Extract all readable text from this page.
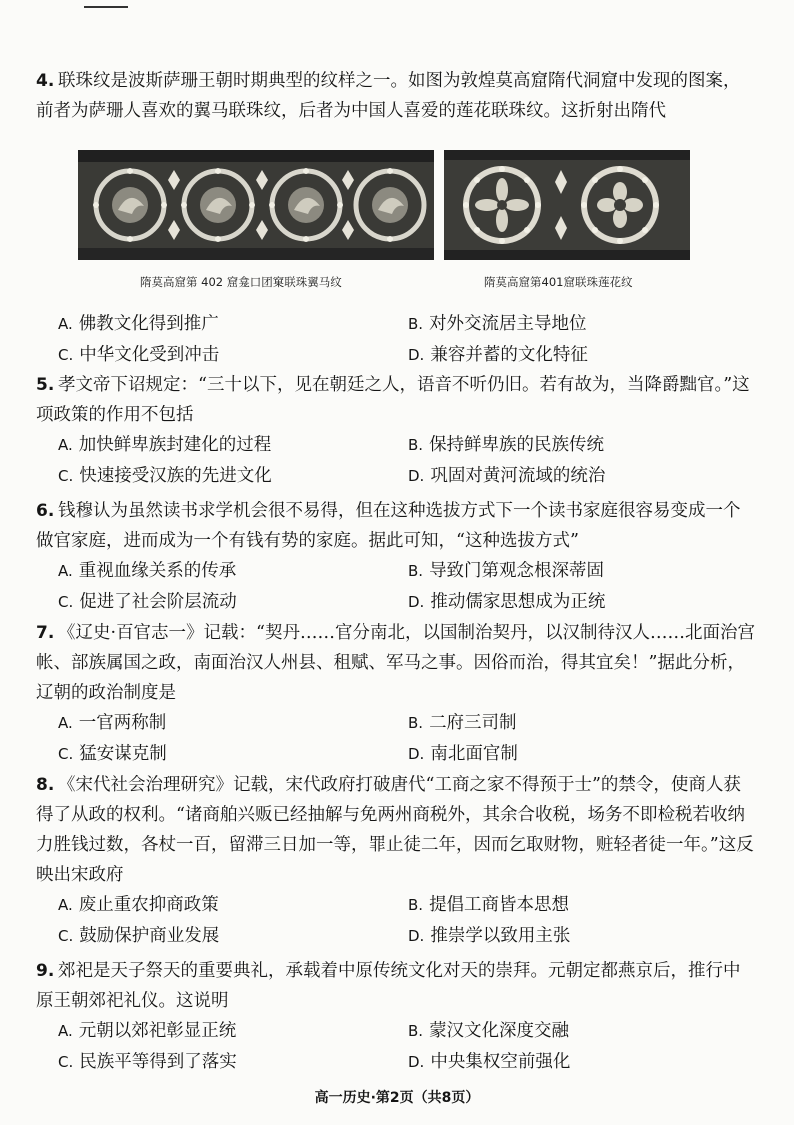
4. 联珠纹是波斯萨珊王朝时期典型的纹样之一。如图为敦煌莫高窟隋代洞窟中发现的图案，前者为萨珊人喜欢的翼马联珠纹，后者为中国人喜爱的莲花联珠纹。这折射出隋代

隋莫高窟第 402 窟龛口团窠联珠翼马纹	隋莫高窟第401窟联珠莲花纹
A. 佛教文化得到推广	B. 对外交流居主导地位
C. 中华文化受到冲击	D. 兼容并蓄的文化特征

5. 孝文帝下诏规定：“三十以下，见在朝廷之人，语音不听仍旧。若有故为，当降爵黜官。”这项政策的作用不包括

A. 加快鲜卑族封建化的过程	B. 保持鲜卑族的民族传统
C. 快速接受汉族的先进文化	D. 巩固对黄河流域的统治

6. 钱穆认为虽然读书求学机会很不易得，但在这种选拔方式下一个读书家庭很容易变成一个做官家庭，进而成为一个有钱有势的家庭。据此可知，“这种选拔方式”

A. 重视血缘关系的传承	B. 导致门第观念根深蒂固
C. 促进了社会阶层流动	D. 推动儒家思想成为正统

7. 《辽史·百官志一》记载：“契丹……官分南北，以国制治契丹，以汉制待汉人……北面治宫帐、部族属国之政，南面治汉人州县、租赋、军马之事。因俗而治，得其宜矣！”据此分析，辽朝的政治制度是

A. 一官两称制	B. 二府三司制
C. 猛安谋克制	D. 南北面官制

8. 《宋代社会治理研究》记载，宋代政府打破唐代“工商之家不得预于士”的禁令，使商人获得了从政的权利。“诸商舶兴贩已经抽解与免两州商税外，其余合收税，场务不即检税若收纳力胜钱过数，各杖一百，留滞三日加一等，罪止徒二年，因而乞取财物，赃轻者徒一年。”这反映出宋政府

A. 废止重农抑商政策	B. 提倡工商皆本思想
C. 鼓励保护商业发展	D. 推崇学以致用主张

9. 郊祀是天子祭天的重要典礼，承载着中原传统文化对天的崇拜。元朝定都燕京后，推行中原王朝郊祀礼仪。这说明

A. 元朝以郊祀彰显正统	B. 蒙汉文化深度交融
C. 民族平等得到了落实	D. 中央集权空前强化
高一历史·第2页（共8页）
